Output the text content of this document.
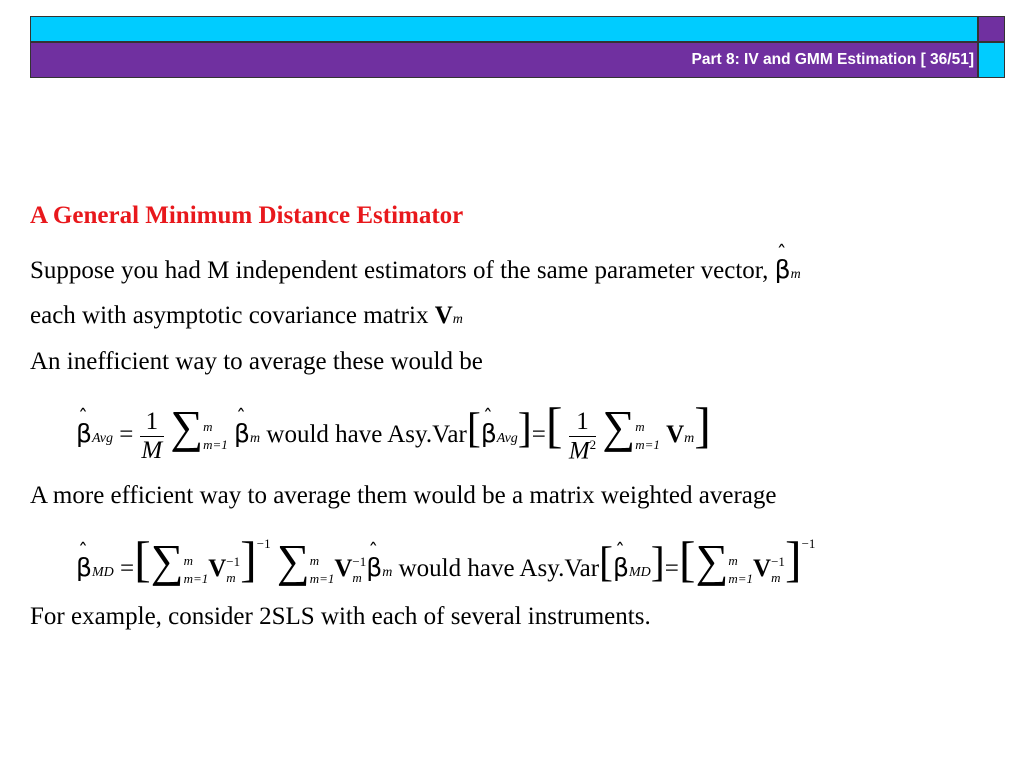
Part 8: IV and GMM Estimation [ 36/51]
A General Minimum Distance Estimator
Suppose you had M independent estimators of the same parameter vector, ˆ βm
each with asymptotic covariance matrix Vm
An inefficient way to average these would be
ˆ $\beta Avg = \frac{1}{M}$ ∑ m
m=1 ˆ βm would have Asy.Var[ˆ $\beta Avg]=[ \frac{1}{M^2}$ ∑ m
m=1 Vm]
A more efficient way to average them would be a matrix weighted average
ˆ βMD =[∑ m
m=1 V −1
m ]$^{-1}$ ∑ m
m=1 V −1
m ˆ βm would have Asy.Var[ˆ βMD]=[∑ m
m=1 V −1
m ]$^{-1}$
For example, consider 2SLS with each of several instruments.
